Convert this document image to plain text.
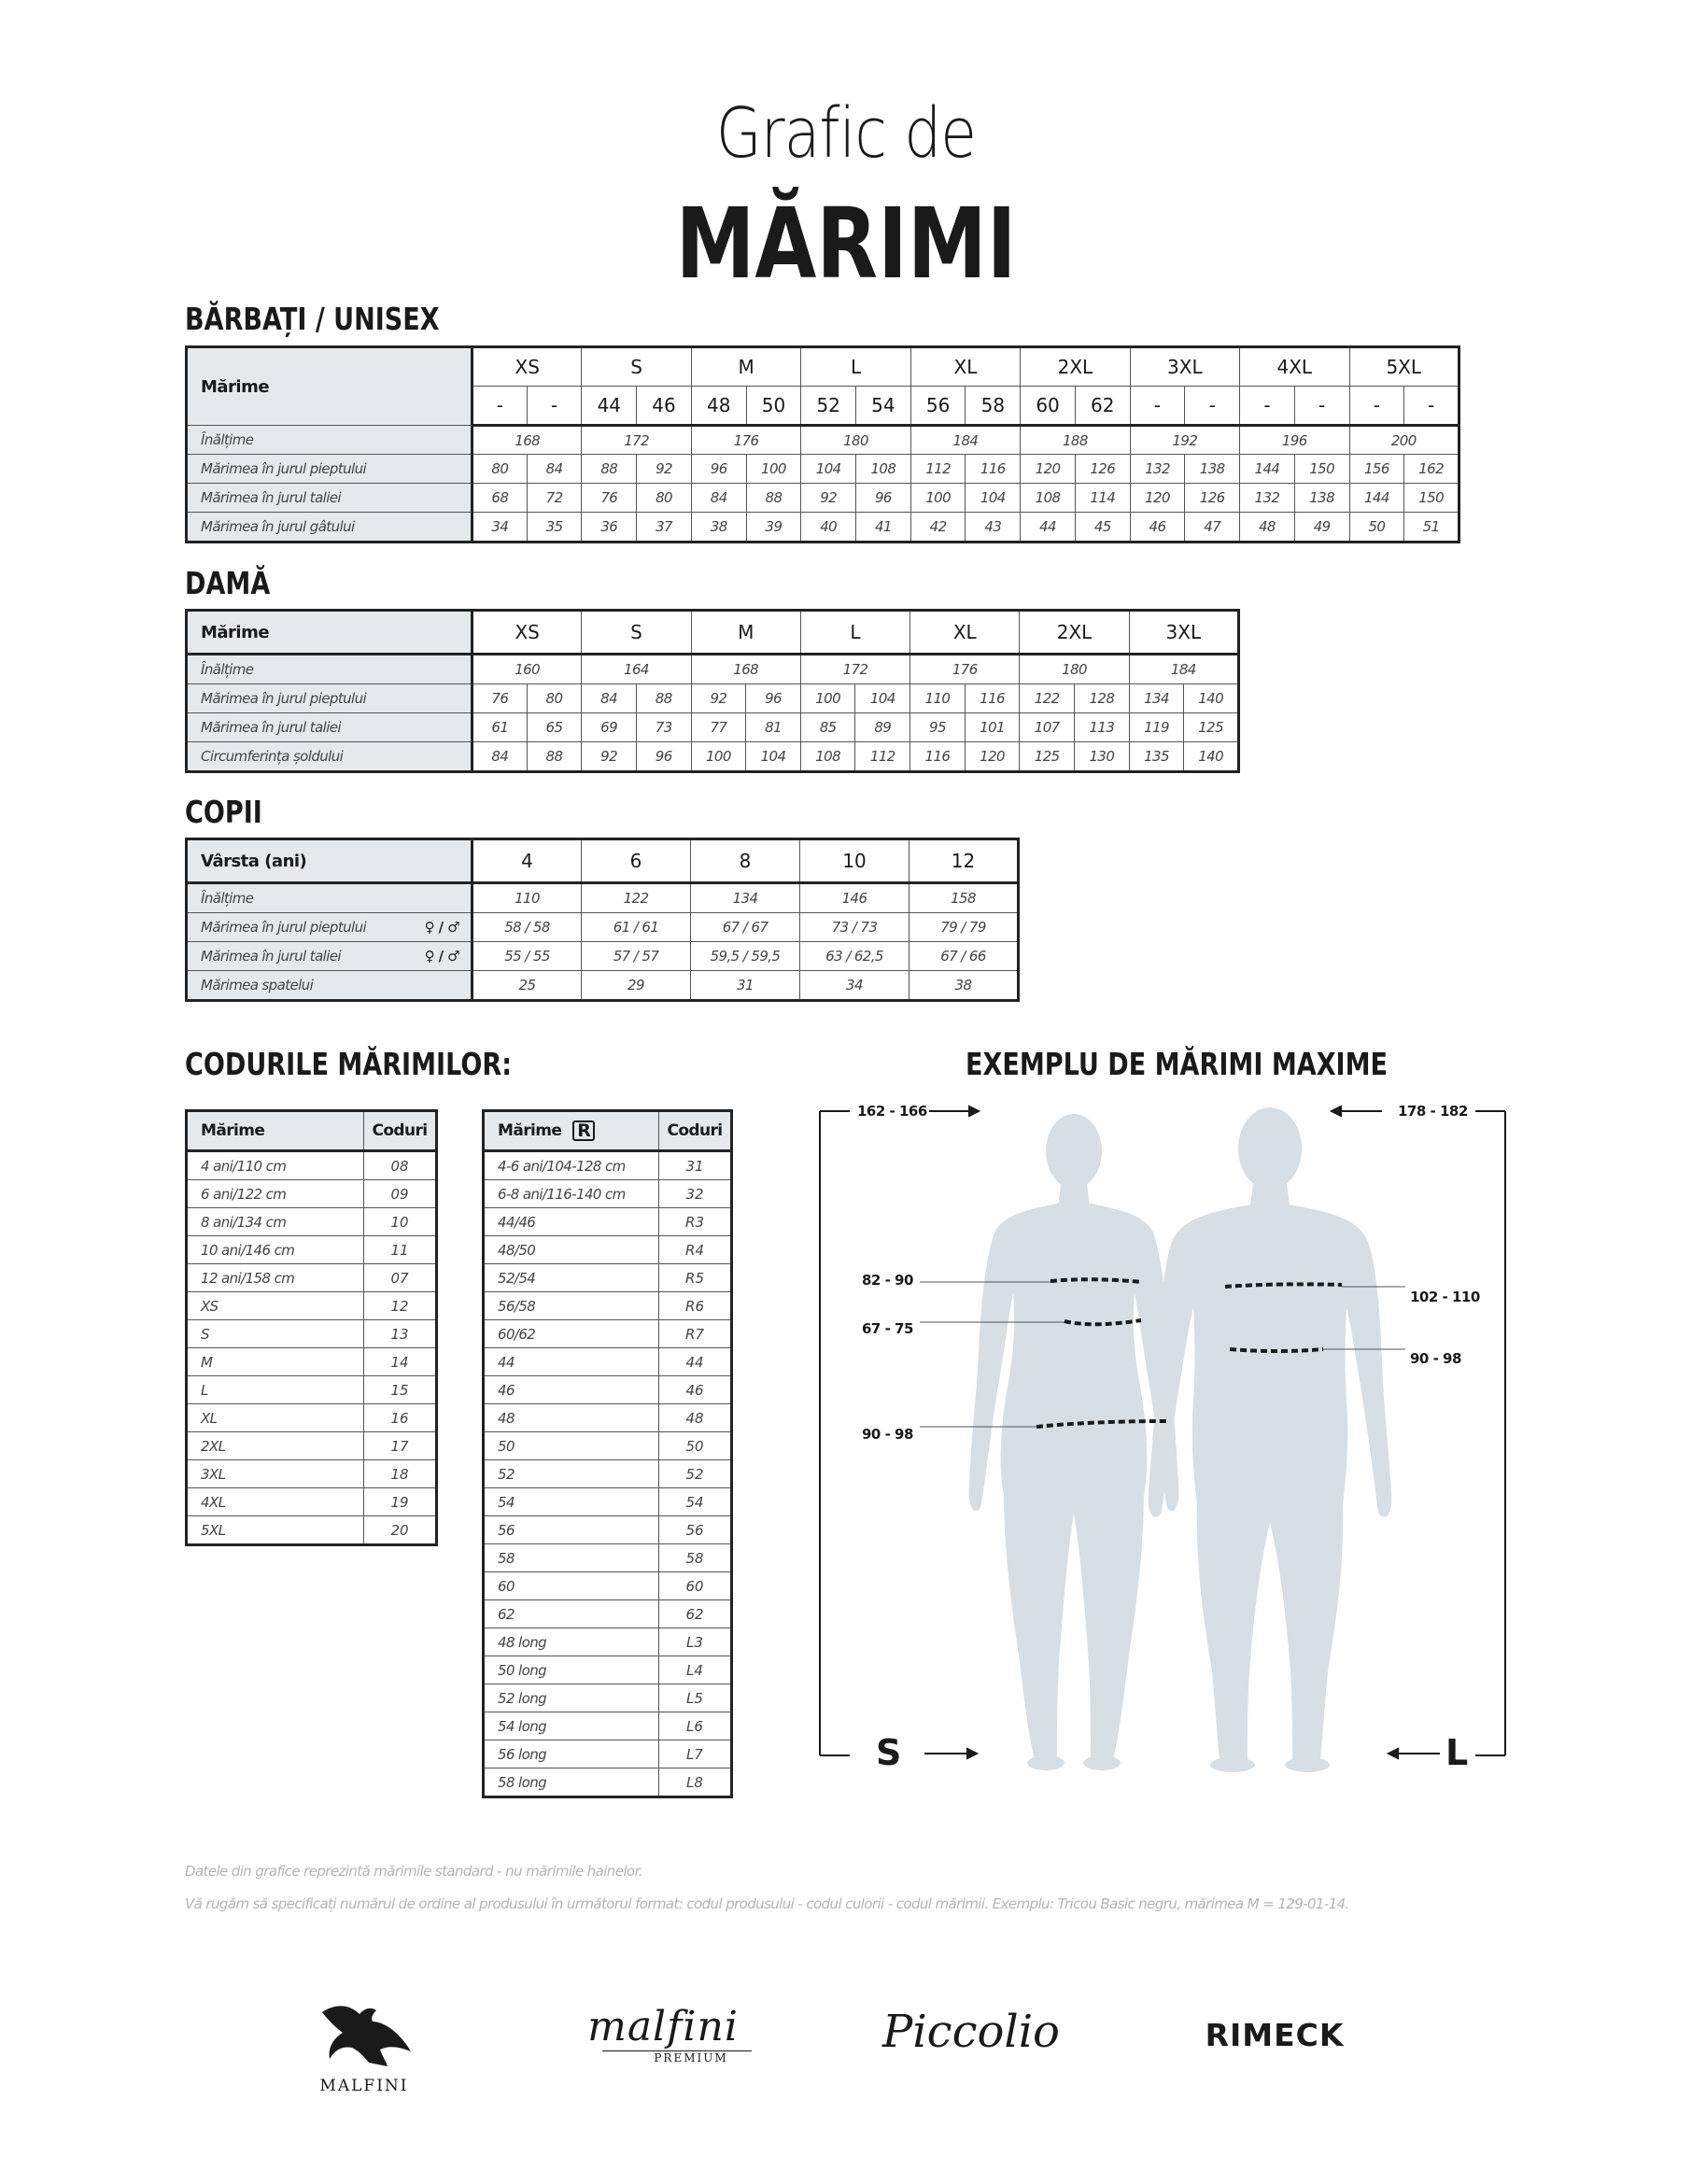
Grafic de
MĂRIMI
BĂRBAȚI / UNISEX
Mărime	XS		S		M		L		XL		2XL		3XL		4XL		5XL	
	-	-	44	46	48	50	52	54	56	58	60	62	-	-	-	-	-	-
Înălțime	168		172		176		180		184		188		192		196		200	
Mărimea în jurul pieptului	80	84	88	92	96	100	104	108	112	116	120	126	132	138	144	150	156	162
Mărimea în jurul taliei	68	72	76	80	84	88	92	96	100	104	108	114	120	126	132	138	144	150
Mărimea în jurul gâtului	34	35	36	37	38	39	40	41	42	43	44	45	46	47	48	49	50	51
DAMĂ
Mărime	XS		S		M		L		XL		2XL		3XL	
Înălțime	160		164		168		172		176		180		184	
Mărimea în jurul pieptului	76	80	84	88	92	96	100	104	110	116	122	128	134	140
Mărimea în jurul taliei	61	65	69	73	77	81	85	89	95	101	107	113	119	125
Circumferința șoldului	84	88	92	96	100	104	108	112	116	120	125	130	135	140
COPII
Vârsta (ani)	4	6	8	10	12
Înălțime	110	122	134	146	158
Mărimea în jurul pieptului ♀ / ♂	58 / 58	61 / 61	67 / 67	73 / 73	79 / 79
Mărimea în jurul taliei ♀ / ♂	55 / 55	57 / 57	59,5 / 59,5	63 / 62,5	67 / 66
Mărimea spatelui	25	29	31	34	38
CODURILE MĂRIMILOR:
Mărime	Coduri
4 ani/110 cm	08
6 ani/122 cm	09
8 ani/134 cm	10
10 ani/146 cm	11
12 ani/158 cm	07
XS	12
S	13
M	14
L	15
XL	16
2XL	17
3XL	18
4XL	19
5XL	20
Mărime R	Coduri
4-6 ani/104-128 cm	31
6-8 ani/116-140 cm	32
44/46	R3
48/50	R4
52/54	R5
56/58	R6
60/62	R7
44	44
46	46
48	48
50	50
52	52
54	54
56	56
58	58
60	60
62	62
48 long	L3
50 long	L4
52 long	L5
54 long	L6
56 long	L7
58 long	L8
EXEMPLU DE MĂRIMI MAXIME
162 - 166	178 - 182
82 - 90
67 - 75
90 - 98
102 - 110
90 - 98
S	L
Datele din grafice reprezintă mărimile standard - nu mărimile hainelor.
Vă rugăm să specificați numărul de ordine al produsului în următorul format: codul produsului - codul culorii - codul mărimii. Exemplu: Tricou Basic negru, mărimea M = 129-01-14.
MALFINI
malfini
PREMIUM	Piccolio	RIMECK
